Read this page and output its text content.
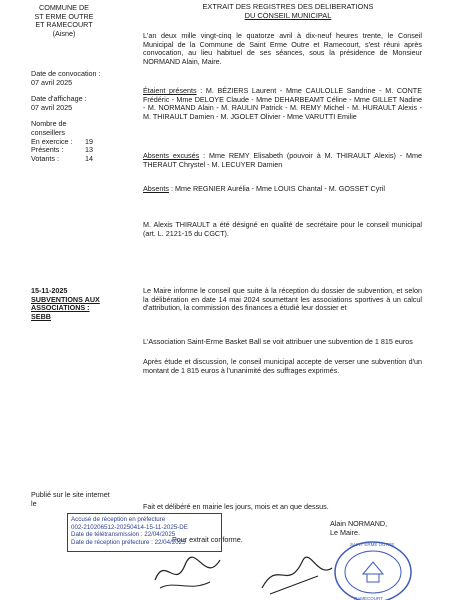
COMMUNE DE
ST ERME OUTRE
ET RAMECOURT
(Aisne)
EXTRAIT DES REGISTRES DES DELIBERATIONS
DU CONSEIL MUNICIPAL
Date de convocation :
07 avril 2025
Date d'affichage :
07 avril 2025
Nombre de
conseillers
En exercice : 19
Présents :	13
Votants :	14
L'an deux mille vingt-cinq le quatorze avril à dix-neuf heures trente, le Conseil Municipal de la Commune de Saint Erme Outre et Ramecourt, s'est réuni après convocation, au lieu habituel de ses séances, sous la présidence de Monsieur NORMAND Alain, Maire.
Étaient présents : M. BÉZIERS Laurent - Mme CAULOLLE Sandrine - M. CONTE Frédéric - Mme DELOYE Claude - Mme DEHARBEAMT Céline - Mme GILLET Nadine - M. NORMAND Alain - M. RAULIN Patrick - M. REMY Michel - M. HURAULT Alexis - M. THIRAULT Damien - M. JGOLET Olivier - Mme VARUTTI Emilie
Absents excusés : Mme REMY Elisabeth (pouvoir à M. THIRAULT Alexis) - Mme THERAUT Chrystel - M. LECUYER Damien
Absents : Mme REGNIER Aurélia - Mme LOUIS Chantal - M. GOSSET Cyril
M. Alexis THIRAULT a été désigné en qualité de secrétaire pour le conseil municipal (art. L. 2121-15 du CGCT).
15-11-2025
SUBVENTIONS AUX
ASSOCIATIONS :
SEBB
Le Maire informe le conseil que suite à la réception du dossier de subvention, et selon la délibération en date 14 mai 2024 soumettant les associations sportives à un calcul d'attribution, la commission des finances a étudié leur dossier et
L'Association Saint-Erme Basket Ball se voit attribuer une subvention de 1 815 euros
Après étude et discussion, le conseil municipal accepte de verser une subvention d'un montant de 1 815 euros à l'unanimité des suffrages exprimés.
Publié sur le site internet
le	Fait et délibéré en mairie les jours, mois et an que dessus.
Pour extrait conforme.
Alain NORMAND,
Le Maire.
Accusé de réception en préfecture
002-210206512-20250414-15-11-2025-DE
Date de télétransmission : 22/04/2025
Date de réception préfecture : 22/04/2025	SAINT ERME OUTRE
RAMECOURT
